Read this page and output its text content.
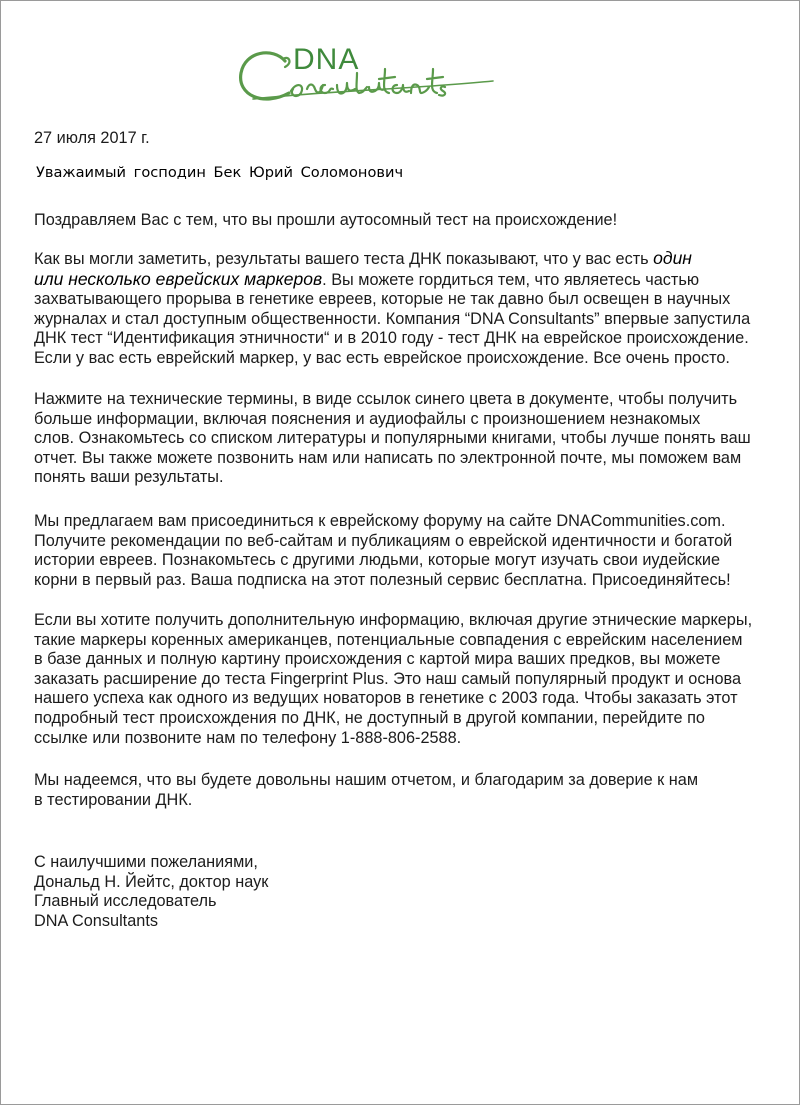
DNA
27 июля 2017 г.
Уважаимый господин Бек Юрий Соломонович
Поздравляем Вас с тем, что вы прошли аутосомный тест на происхождение!
Как вы могли заметить, результаты вашего теста ДНК показывают, что у вас есть один
или несколько еврейских маркеров. Вы можете гордиться тем, что являетесь частью
захватывающего прорыва в генетике евреев, которые не так давно был освещен в научных
журналах и стал доступным общественности. Компания “DNA Consultants” впервые запустила
ДНК тест “Идентификация этничности“ и в 2010 году - тест ДНК на еврейское происхождение.
Если у вас есть еврейский маркер, у вас есть еврейское происхождение. Все очень просто.
Нажмите на технические термины, в виде ссылок синего цвета в документе, чтобы получить
больше информации, включая пояснения и аудиофайлы с произношением незнакомых
слов. Ознакомьтесь со списком литературы и популярными книгами, чтобы лучше понять ваш
отчет. Вы также можете позвонить нам или написать по электронной почте, мы поможем вам
понять ваши результаты.
Мы предлагаем вам присоединиться к еврейскому форуму на сайте DNACommunities.com.
Получите рекомендации по веб-сайтам и публикациям о еврейской идентичности и богатой
истории евреев. Познакомьтесь с другими людьми, которые могут изучать свои иудейские
корни в первый раз. Ваша подписка на этот полезный сервис бесплатна. Присоединяйтесь!
Если вы хотите получить дополнительную информацию, включая другие этнические маркеры,
такие маркеры коренных американцев, потенциальные совпадения с еврейским населением
в базе данных и полную картину происхождения с картой мира ваших предков, вы можете
заказать расширение до теста Fingerprint Plus. Это наш самый популярный продукт и основа
нашего успеха как одного из ведущих новаторов в генетике с 2003 года. Чтобы заказать этот
подробный тест происхождения по ДНК, не доступный в другой компании, перейдите по
ссылке или позвоните нам по телефону 1-888-806-2588.
Мы надеемся, что вы будете довольны нашим отчетом, и благодарим за доверие к нам
в тестировании ДНК.
С наилучшими пожеланиями,
Дональд Н. Йейтс, доктор наук
Главный исследователь
DNA Consultants
